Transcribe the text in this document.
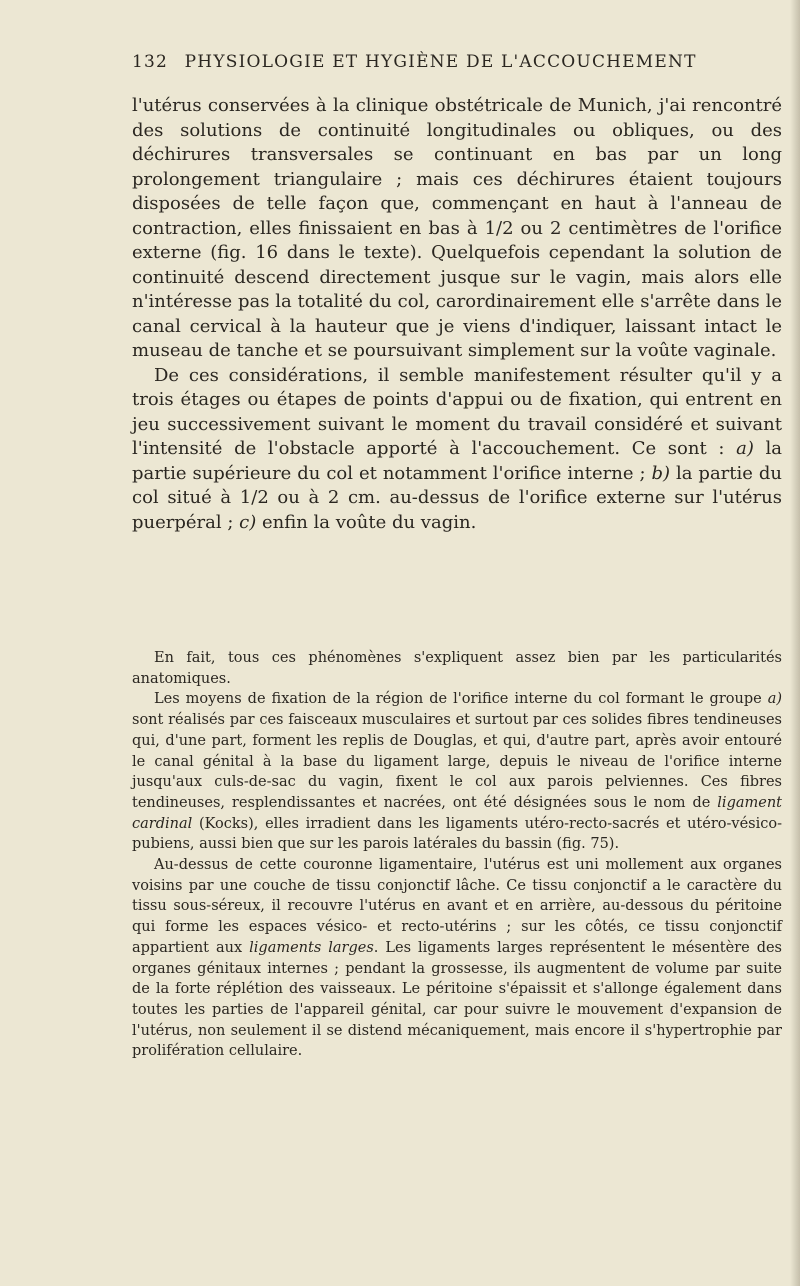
132 PHYSIOLOGIE ET HYGIÈNE DE L'ACCOUCHEMENT

l'utérus conservées à la clinique obstétricale de Munich, j'ai rencontré des solutions de continuité longitudinales ou obliques, ou des déchirures transversales se continuant en bas par un long prolongement triangulaire ; mais ces déchirures étaient toujours disposées de telle façon que, commençant en haut à l'anneau de contraction, elles finissaient en bas à 1/2 ou 2 centimètres de l'orifice externe (fig. 16 dans le texte). Quelquefois cependant la solution de continuité descend directement jusque sur le vagin, mais alors elle n'intéresse pas la totalité du col, carordinairement elle s'arrête dans le canal cervical à la hauteur que je viens d'indiquer, laissant intact le museau de tanche et se poursuivant simplement sur la voûte vaginale.

De ces considérations, il semble manifestement résulter qu'il y a trois étages ou étapes de points d'appui ou de fixation, qui entrent en jeu successivement suivant le moment du travail considéré et suivant l'intensité de l'obstacle apporté à l'accouchement. Ce sont : a) la partie supérieure du col et notamment l'orifice interne ; b) la partie du col situé à 1/2 ou à 2 cm. au-dessus de l'orifice externe sur l'utérus puerpéral ; c) enfin la voûte du vagin.

En fait, tous ces phénomènes s'expliquent assez bien par les particularités anatomiques.

Les moyens de fixation de la région de l'orifice interne du col formant le groupe a) sont réalisés par ces faisceaux musculaires et surtout par ces solides fibres tendineuses qui, d'une part, forment les replis de Douglas, et qui, d'autre part, après avoir entouré le canal génital à la base du ligament large, depuis le niveau de l'orifice interne jusqu'aux culs-de-sac du vagin, fixent le col aux parois pelviennes. Ces fibres tendineuses, resplendissantes et nacrées, ont été désignées sous le nom de ligament cardinal (Kocks), elles irradient dans les ligaments utéro-recto-sacrés et utéro-vésico-pubiens, aussi bien que sur les parois latérales du bassin (fig. 75).

Au-dessus de cette couronne ligamentaire, l'utérus est uni mollement aux organes voisins par une couche de tissu conjonctif lâche. Ce tissu conjonctif a le caractère du tissu sous-séreux, il recouvre l'utérus en avant et en arrière, au-dessous du péritoine qui forme les espaces vésico- et recto-utérins ; sur les côtés, ce tissu conjonctif appartient aux ligaments larges. Les ligaments larges représentent le mésentère des organes génitaux internes ; pendant la grossesse, ils augmentent de volume par suite de la forte réplétion des vaisseaux. Le péritoine s'épaissit et s'allonge également dans toutes les parties de l'appareil génital, car pour suivre le mouvement d'expansion de l'utérus, non seulement il se distend mécaniquement, mais encore il s'hypertrophie par prolifération cellulaire.
